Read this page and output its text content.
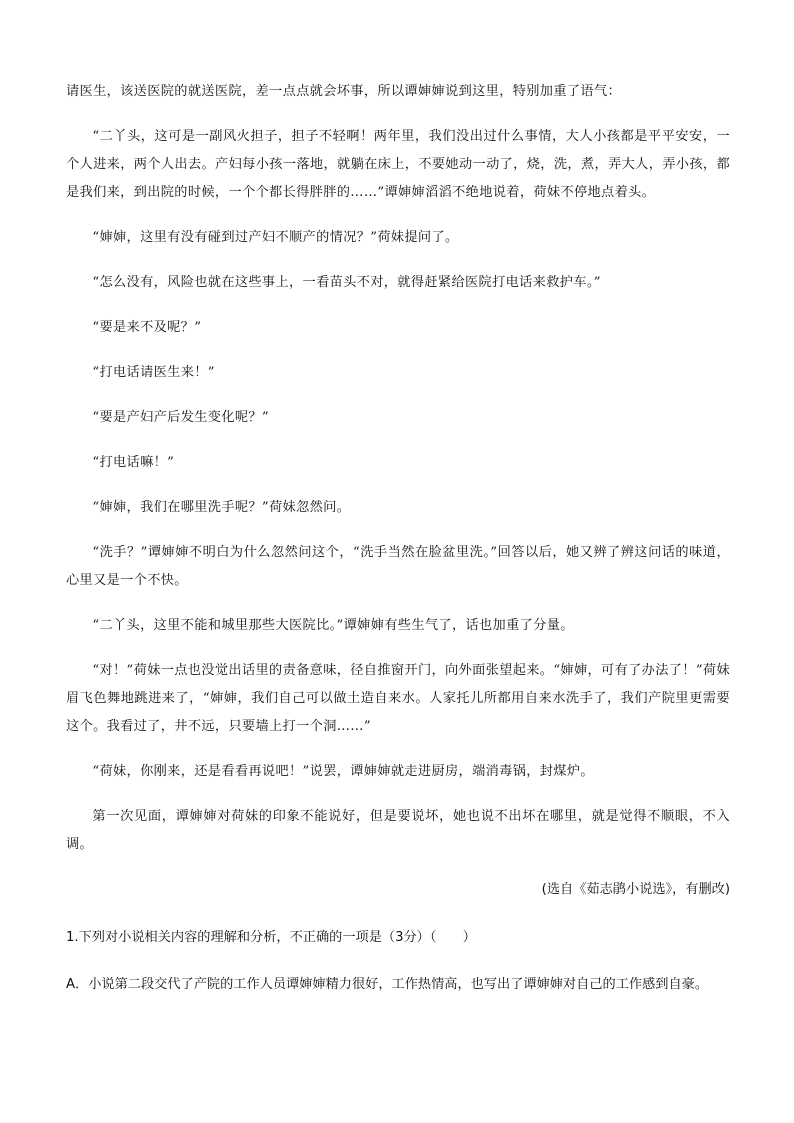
请医生，该送医院的就送医院，差一点点就会坏事，所以谭婶婶说到这里，特别加重了语气：

“二丫头，这可是一副风火担子，担子不轻啊！两年里，我们没出过什么事情，大人小孩都是平平安安，一个人进来，两个人出去。产妇每小孩一落地，就躺在床上，不要她动一动了，烧，洗，煮，弄大人，弄小孩，都是我们来，到出院的时候，一个个都长得胖胖的……”谭婶婶滔滔不绝地说着，荷妹不停地点着头。

“婶婶，这里有没有碰到过产妇不顺产的情况？”荷妹提问了。

“怎么没有，风险也就在这些事上，一看苗头不对，就得赶紧给医院打电话来救护车。”

“要是来不及呢？”

“打电话请医生来！”

“要是产妇产后发生变化呢？”

“打电话嘛！”

“婶婶，我们在哪里洗手呢？”荷妹忽然问。

“洗手？”谭婶婶不明白为什么忽然问这个，“洗手当然在脸盆里洗。”回答以后，她又辨了辨这问话的味道，心里又是一个不快。

“二丫头，这里不能和城里那些大医院比。”谭婶婶有些生气了，话也加重了分量。

“对！”荷妹一点也没觉出话里的责备意味，径自推窗开门，向外面张望起来。“婶婶，可有了办法了！”荷妹眉飞色舞地跳进来了，“婶婶，我们自己可以做土造自来水。人家托儿所都用自来水洗手了，我们产院里更需要这个。我看过了，井不远，只要墙上打一个洞……”

“荷妹，你刚来，还是看看再说吧！”说罢，谭婶婶就走进厨房，端消毒锅，封煤炉。

第一次见面，谭婶婶对荷妹的印象不能说好，但是要说坏，她也说不出坏在哪里，就是觉得不顺眼，不入调。

(选自《茹志鹃小说选》，有删改)

1.下列对小说相关内容的理解和分析，不正确的一项是（3分）（　　）

A．小说第二段交代了产院的工作人员谭婶婶精力很好，工作热情高，也写出了谭婶婶对自己的工作感到自豪。
